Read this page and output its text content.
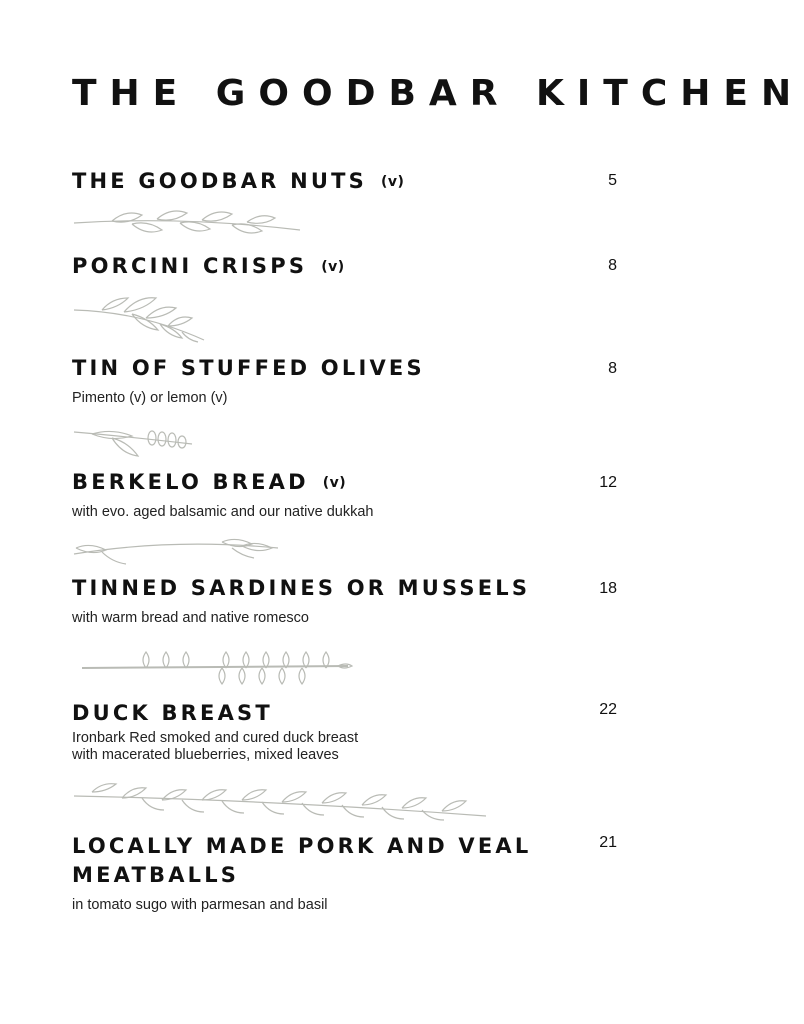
THE GOODBAR KITCHEN
THE GOODBAR NUTS (v)	5
PORCINI CRISPS (v)	8
TIN OF STUFFED OLIVES	8
Pimento (v) or lemon (v)
BERKELO BREAD (v)	12
with evo. aged balsamic and our native dukkah
TINNED SARDINES OR MUSSELS	18
with warm bread and native romesco
DUCK BREAST	22
Ironbark Red smoked and cured duck breast
with macerated blueberries, mixed leaves
LOCALLY MADE PORK AND VEAL
MEATBALLS
21
in tomato sugo with parmesan and basil
